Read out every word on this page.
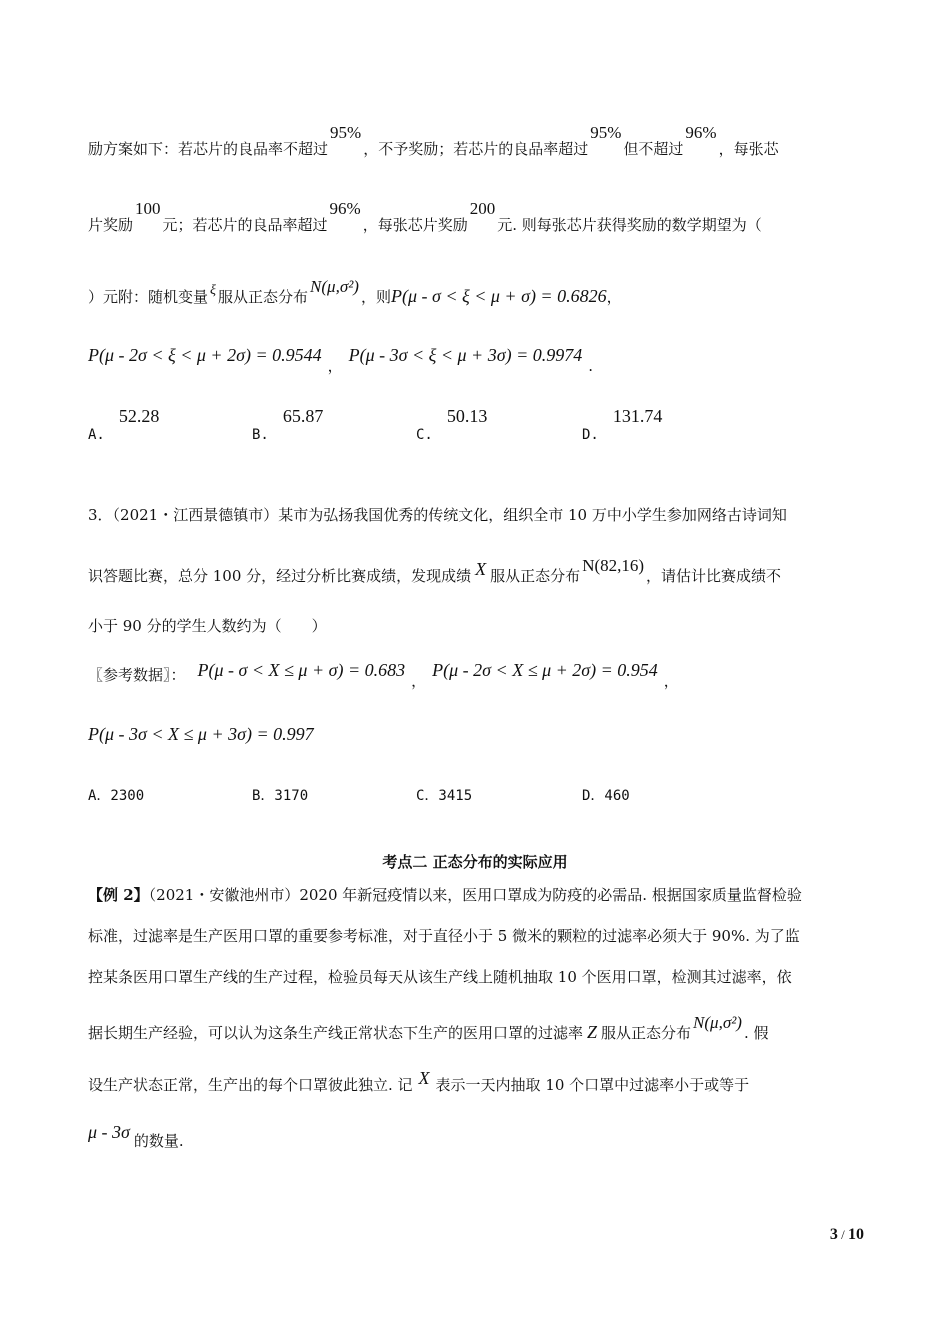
励方案如下：若芯片的良品率不超过95%，不予奖励；若芯片的良品率超过95%但不超过96%，每张芯
片奖励100元；若芯片的良品率超过96%，每张芯片奖励200元. 则每张芯片获得奖励的数学期望为（
）元附：随机变量 ξ 服从正态分布N(μ,σ²)，则P(μ - σ < ξ < μ + σ) = 0.6826，
P(μ - 2σ < ξ < μ + 2σ) = 0.9544，P(μ - 3σ < ξ < μ + 3σ) = 0.9974.
A.52.28
B.65.87
C.50.13
D.131.74
3．（2021・江西景德镇市）某市为弘扬我国优秀的传统文化，组织全市 10 万中小学生参加网络古诗词知
识答题比赛，总分 100 分，经过分析比赛成绩，发现成绩 X 服从正态分布N(82,16)，请估计比赛成绩不
小于 90 分的学生人数约为（　　）
〖参考数据〗： P(μ - σ < X ≤ μ + σ) = 0.683，P(μ - 2σ < X ≤ μ + 2σ) = 0.954，
P(μ - 3σ < X ≤ μ + 3σ) = 0.997
A．2300	B．3170	C．3415	D．460
考点二 正态分布的实际应用
【例 2】（2021・安徽池州市）2020 年新冠疫情以来，医用口罩成为防疫的必需品. 根据国家质量监督检验
标准，过滤率是生产医用口罩的重要参考标准，对于直径小于 5 微米的颗粒的过滤率必须大于 90%. 为了监
控某条医用口罩生产线的生产过程，检验员每天从该生产线上随机抽取 10 个医用口罩，检测其过滤率，依
据长期生产经验，可以认为这条生产线正常状态下生产的医用口罩的过滤率 Z 服从正态分布N(μ,σ²). 假
设生产状态正常，生产出的每个口罩彼此独立. 记 X 表示一天内抽取 10 个口罩中过滤率小于或等于
μ - 3σ 的数量.
3 / 10
